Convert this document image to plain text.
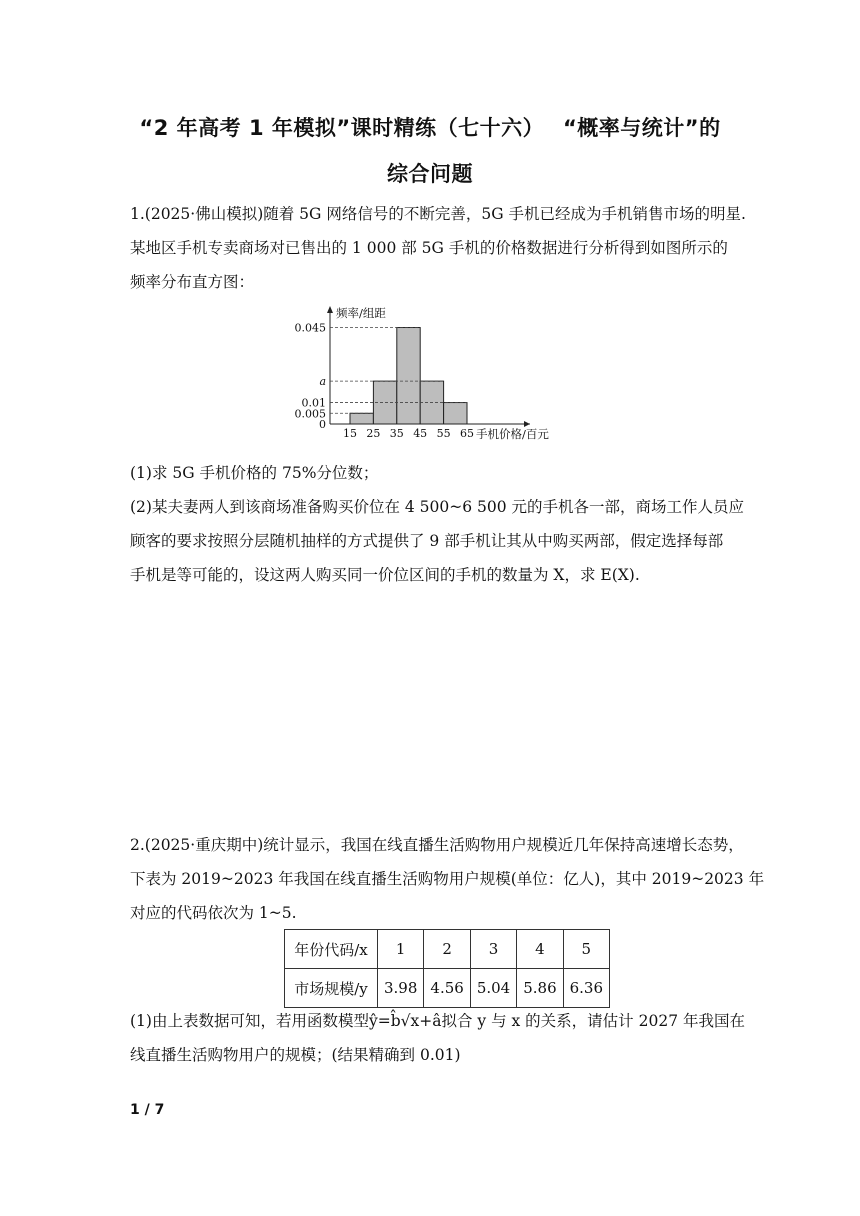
“2 年高考 1 年模拟”课时精练（七十六）　 “概率与统计”的
综合问题
1.(2025·佛山模拟)随着 5G 网络信号的不断完善，5G 手机已经成为手机销售市场的明星.
某地区手机专卖商场对已售出的 1 000 部 5G 手机的价格数据进行分析得到如图所示的
频率分布直方图：
0
0.005
0.01
a
0.045
15 25 35 45 55 65
频率/组距
手机价格/百元
(1)求 5G 手机价格的 75%分位数；
(2)某夫妻两人到该商场准备购买价位在 4 500~6 500 元的手机各一部，商场工作人员应
顾客的要求按照分层随机抽样的方式提供了 9 部手机让其从中购买两部，假定选择每部
手机是等可能的，设这两人购买同一价位区间的手机的数量为 X，求 E(X).
2.(2025·重庆期中)统计显示，我国在线直播生活购物用户规模近几年保持高速增长态势，
下表为 2019~2023 年我国在线直播生活购物用户规模(单位：亿人)，其中 2019~2023 年
对应的代码依次为 1~5.
年份代码/x	1	2	3	4	5
市场规模/y	3.98	4.56	5.04	5.86	6.36
(1)由上表数据可知，若用函数模型ŷ=b̂√x+â拟合 y 与 x 的关系，请估计 2027 年我国在
线直播生活购物用户的规模；(结果精确到 0.01)
1 / 7
